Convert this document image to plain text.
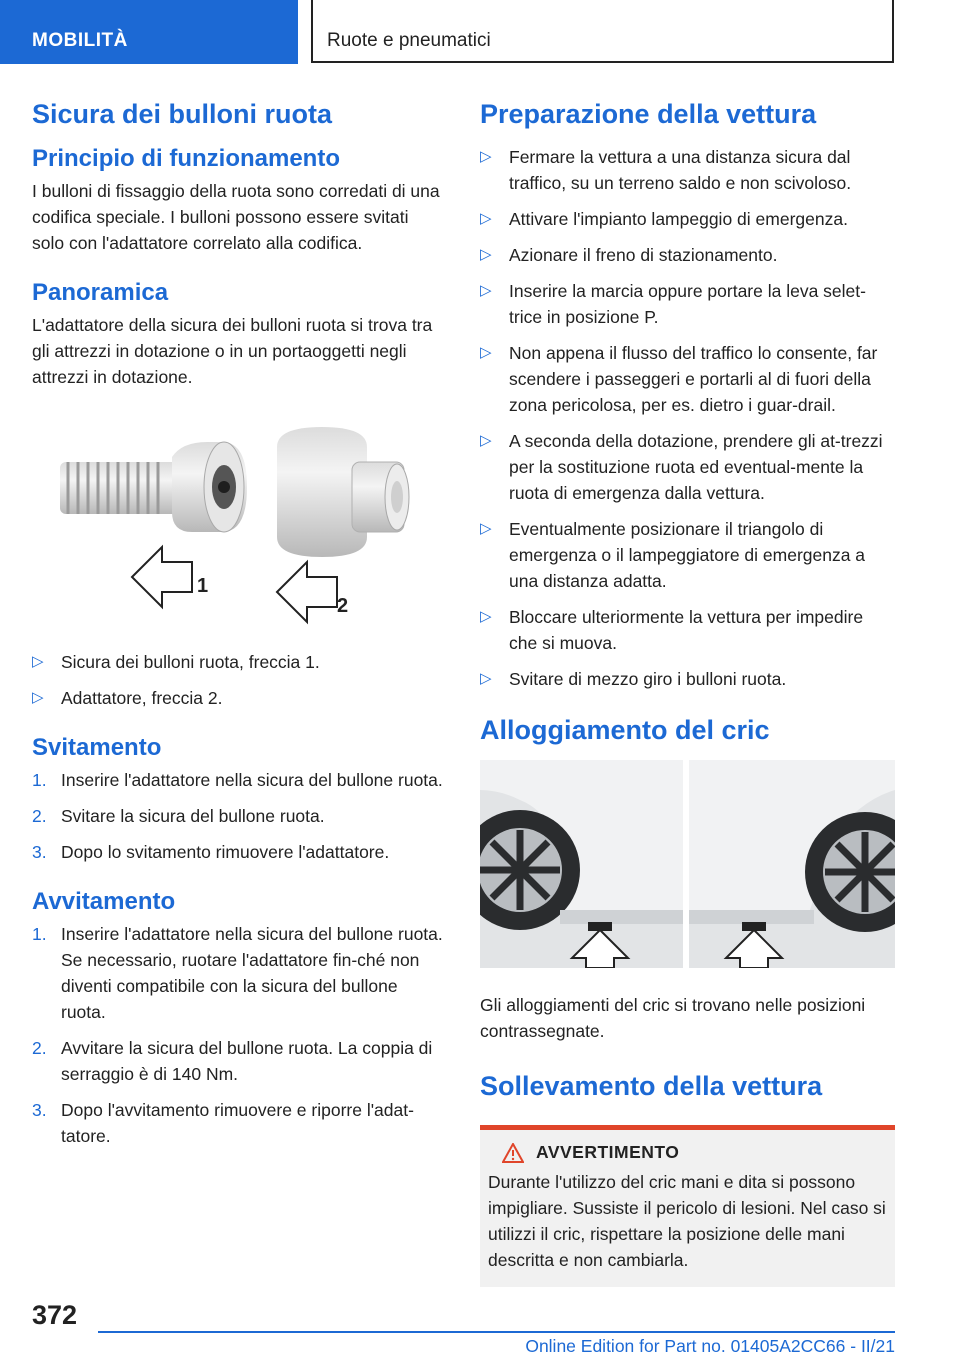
MOBILITÀ	Ruote e pneumatici
Sicura dei bulloni ruota
Principio di funzionamento

I bulloni di fissaggio della ruota sono corredati di una codifica speciale. I bulloni possono essere svitati solo con l'adattatore correlato alla codifica.

Panoramica

L'adattatore della sicura dei bulloni ruota si trova tra gli attrezzi in dotazione o in un portaoggetti negli attrezzi in dotazione.

1
2
▷ Sicura dei bulloni ruota, freccia 1.
▷ Adattatore, freccia 2.
Svitamento
1. Inserire l'adattatore nella sicura del bullone ruota.
2. Svitare la sicura del bullone ruota.
3. Dopo lo svitamento rimuovere l'adattatore.
Avvitamento
1. Inserire l'adattatore nella sicura del bullone ruota. Se necessario, ruotare l'adattatore fin-ché non diventi compatibile con la sicura del bullone ruota.
2. Avvitare la sicura del bullone ruota. La coppia di serraggio è di 140 Nm.
3. Dopo l'avvitamento rimuovere e riporre l'adat-tatore.
Preparazione della vettura
▷ Fermare la vettura a una distanza sicura dal traffico, su un terreno saldo e non scivoloso.
▷ Attivare l'impianto lampeggio di emergenza.
▷ Azionare il freno di stazionamento.
▷ Inserire la marcia oppure portare la leva selet-trice in posizione P.
▷ Non appena il flusso del traffico lo consente, far scendere i passeggeri e portarli al di fuori della zona pericolosa, per es. dietro i guar-drail.
▷ A seconda della dotazione, prendere gli at-trezzi per la sostituzione ruota ed eventual-mente la ruota di emergenza dalla vettura.
▷ Eventualmente posizionare il triangolo di emergenza o il lampeggiatore di emergenza a una distanza adatta.
▷ Bloccare ulteriormente la vettura per impedire che si muova.
▷ Svitare di mezzo giro i bulloni ruota.
Alloggiamento del cric

Gli alloggiamenti del cric si trovano nelle posizioni contrassegnate.

Sollevamento della vettura
AVVERTIMENTO

Durante l'utilizzo del cric mani e dita si possono impigliare. Sussiste il pericolo di lesioni. Nel caso si utilizzi il cric, rispettare la posizione delle mani descritta e non cambiarla.

372
Online Edition for Part no. 01405A2CC66 - II/21
